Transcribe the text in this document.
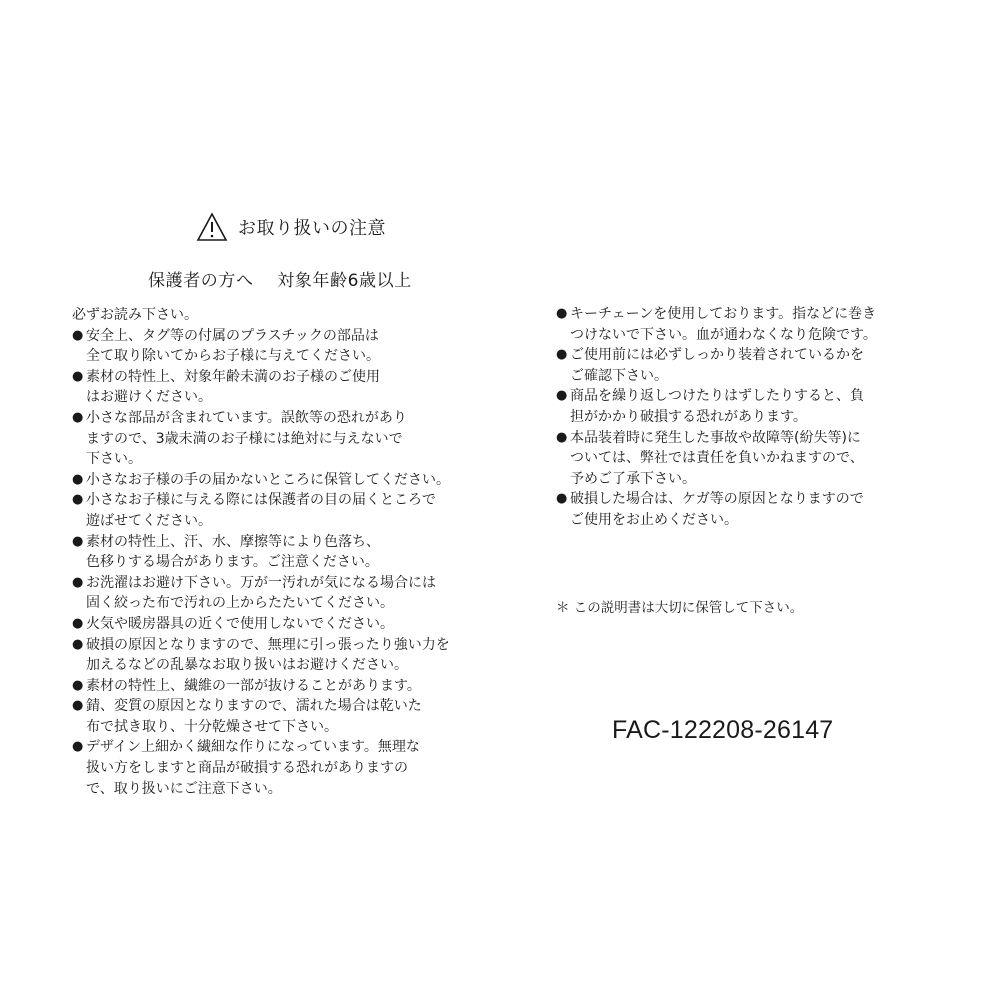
お取り扱いの注意
保護者の方へ　 対象年齢6歳以上
必ずお読み下さい。
● 安全上、タグ等の付属のプラスチックの部品は
全て取り除いてからお子様に与えてください。
● 素材の特性上、対象年齢未満のお子様のご使用
はお避けください。
● 小さな部品が含まれています。誤飲等の恐れがあり
ますので、3歳未満のお子様には絶対に与えないで
下さい。
● 小さなお子様の手の届かないところに保管してください。
● 小さなお子様に与える際には保護者の目の届くところで
遊ばせてください。
● 素材の特性上、汗、水、摩擦等により色落ち、
色移りする場合があります。ご注意ください。
● お洗濯はお避け下さい。万が一汚れが気になる場合には
固く絞った布で汚れの上からたたいてください。
● 火気や暖房器具の近くで使用しないでください。
● 破損の原因となりますので、無理に引っ張ったり強い力を
加えるなどの乱暴なお取り扱いはお避けください。
● 素材の特性上、繊維の一部が抜けることがあります。
● 錆、変質の原因となりますので、濡れた場合は乾いた
布で拭き取り、十分乾燥させて下さい。
● デザイン上細かく繊細な作りになっています。無理な
扱い方をしますと商品が破損する恐れがありますの
で、取り扱いにご注意下さい。
● キーチェーンを使用しております。指などに巻き
つけないで下さい。血が通わなくなり危険です。
● ご使用前には必ずしっかり装着されているかを
ご確認下さい。
● 商品を繰り返しつけたりはずしたりすると、負
担がかかり破損する恐れがあります。
● 本品装着時に発生した事故や故障等(紛失等)に
ついては、弊社では責任を負いかねますので、
予めご了承下さい。
● 破損した場合は、ケガ等の原因となりますので
ご使用をお止めください。
＊ この説明書は大切に保管して下さい。
FAC-122208-26147
